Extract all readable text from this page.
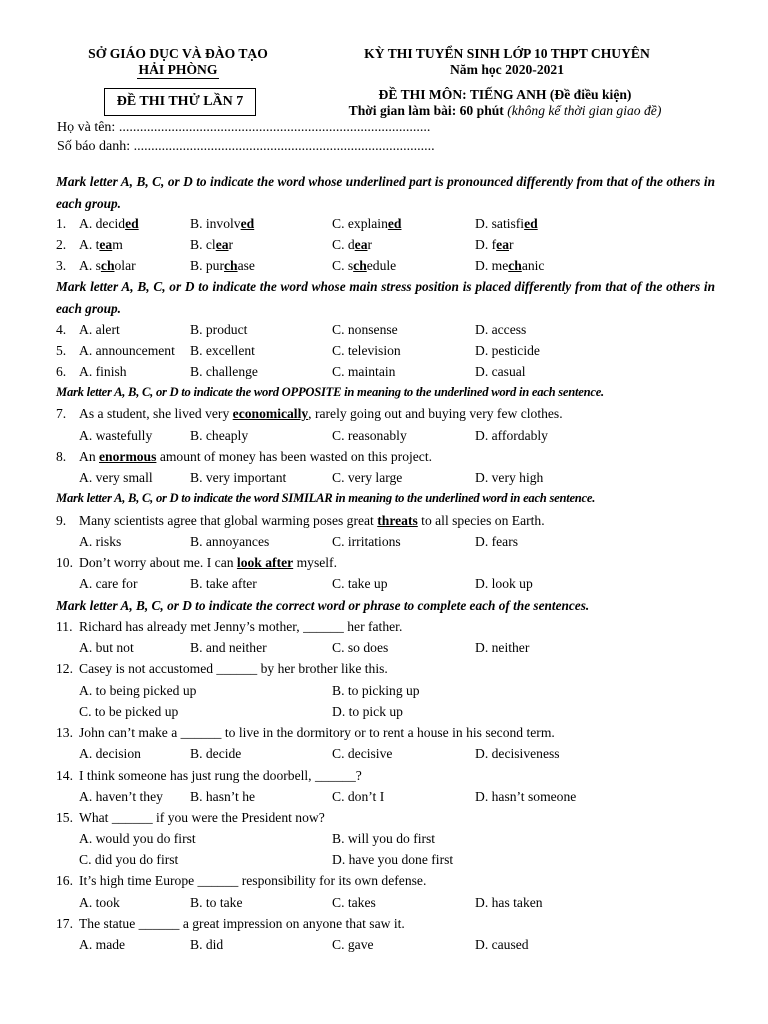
SỞ GIÁO DỤC VÀ ĐÀO TẠO
HẢI PHÒNG
KỲ THI TUYỂN SINH LỚP 10 THPT CHUYÊN
Năm học 2020-2021
ĐỀ THI THỬ LẦN 7	ĐỀ THI MÔN: TIẾNG ANH (Đề điều kiện)
Thời gian làm bài: 60 phút (không kể thời gian giao đề)
Họ và tên: .........................................................................................
Số báo danh: ......................................................................................
Mark letter A, B, C, or D to indicate the word whose underlined part is pronounced differently from that of the others in each group.
1. A. decided	B. involved	C. explained	D. satisfied
2. A. team	B. clear	C. dear	D. fear
3. A. scholar	B. purchase	C. schedule	D. mechanic
Mark letter A, B, C, or D to indicate the word whose main stress position is placed differently from that of the others in each group.
4. A. alert	B. product	C. nonsense	D. access
5. A. announcement B. excellent	C. television	D. pesticide
6. A. finish	B. challenge	C. maintain	D. casual
Mark letter A, B, C, or D to indicate the word OPPOSITE in meaning to the underlined word in each sentence.
7. As a student, she lived very economically, rarely going out and buying very few clothes.
A. wastefully	B. cheaply	C. reasonably	D. affordably
8. An enormous amount of money has been wasted on this project.
A. very small	B. very important	C. very large	D. very high
Mark letter A, B, C, or D to indicate the word SIMILAR in meaning to the underlined word in each sentence.
9. Many scientists agree that global warming poses great threats to all species on Earth.
A. risks	B. annoyances	C. irritations	D. fears
10. Don’t worry about me. I can look after myself.
A. care for	B. take after	C. take up	D. look up
Mark letter A, B, C, or D to indicate the correct word or phrase to complete each of the sentences.
11. Richard has already met Jenny’s mother, ______ her father.
A. but not	B. and neither	C. so does	D. neither
12. Casey is not accustomed ______ by her brother like this.
A. to being picked up	B. to picking up
C. to be picked up	D. to pick up
13. John can’t make a ______ to live in the dormitory or to rent a house in his second term.
A. decision	B. decide	C. decisive	D. decisiveness
14. I think someone has just rung the doorbell, ______?
A. haven’t they B. hasn’t he	C. don’t I	D. hasn’t someone
15. What ______ if you were the President now?
A. would you do first	B. will you do first
C. did you do first	D. have you done first
16. It’s high time Europe ______ responsibility for its own defense.
A. took	B. to take	C. takes	D. has taken
17. The statue ______ a great impression on anyone that saw it.
A. made	B. did	C. gave	D. caused
